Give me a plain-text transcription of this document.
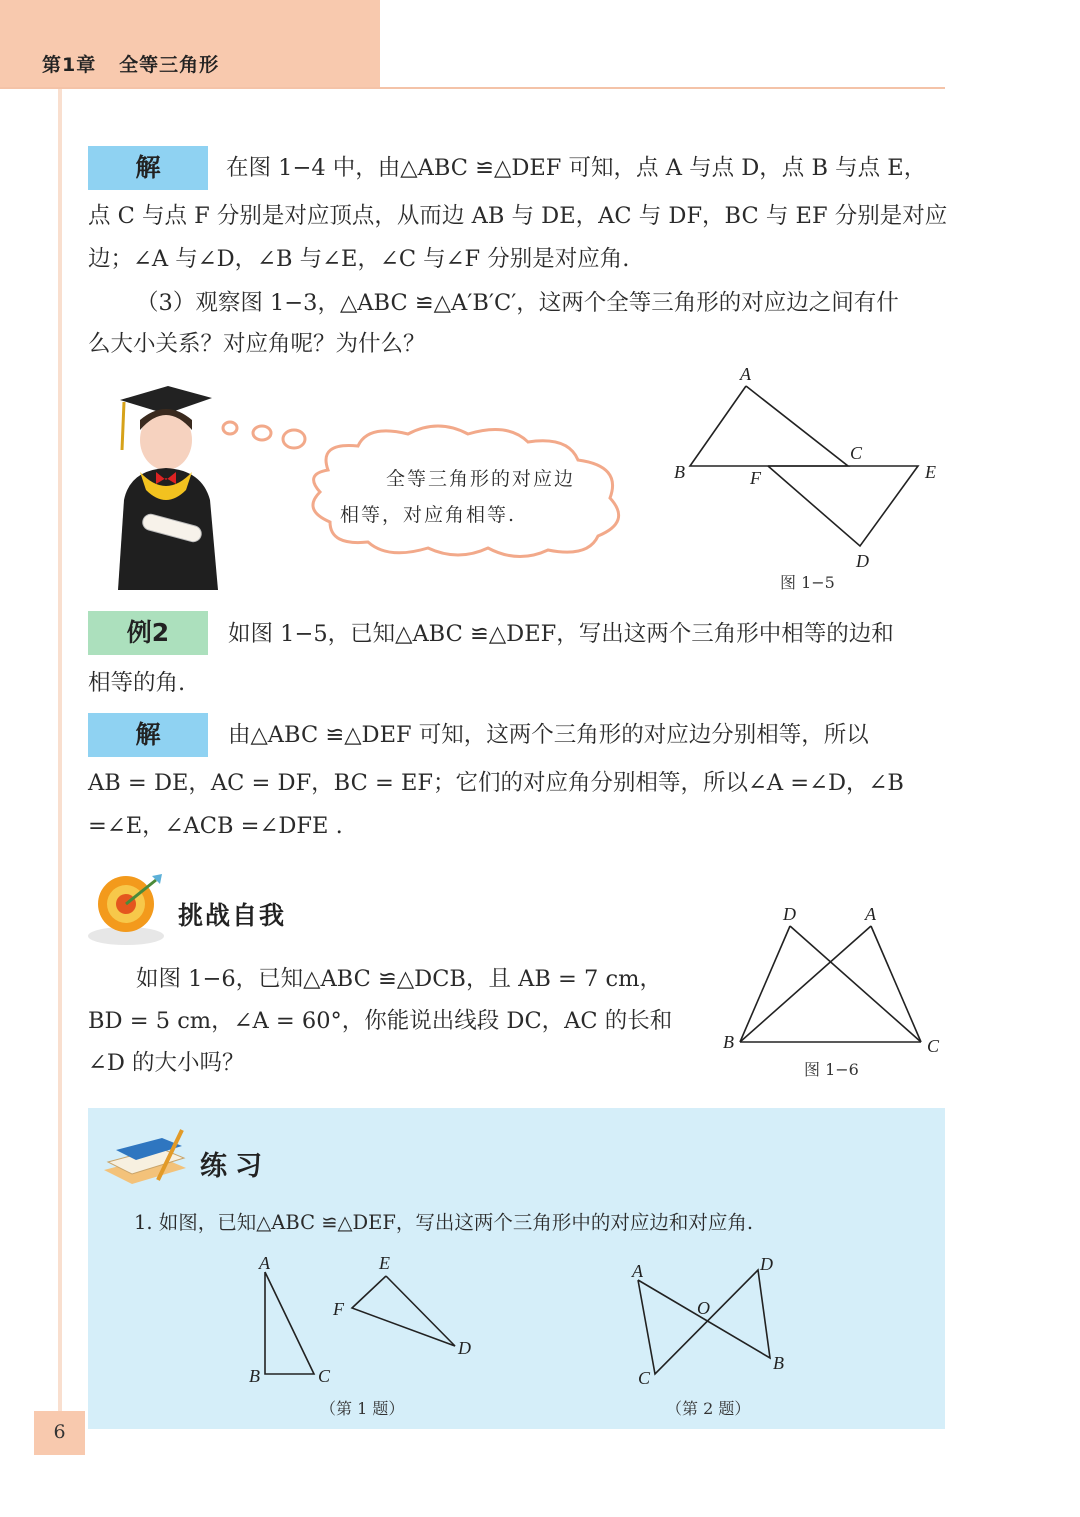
第1章 全等三角形
解	在图 1−4 中，由△ABC ≌△DEF 可知，点 A 与点 D，点 B 与点 E，
点 C 与点 F 分别是对应顶点，从而边 AB 与 DE，AC 与 DF，BC 与 EF 分别是对应
边；∠A 与∠D，∠B 与∠E，∠C 与∠F 分别是对应角.
（3）观察图 1−3，△ABC ≌△A′B′C′，这两个全等三角形的对应边之间有什
么大小关系？对应角呢？为什么？
全等三角形的对应边
相等，对应角相等.
A
B
C
F	E
D
图 1−5
例2	如图 1−5，已知△ABC ≌△DEF，写出这两个三角形中相等的边和
相等的角.
解	由△ABC ≌△DEF 可知，这两个三角形的对应边分别相等，所以
AB = DE，AC = DF，BC = EF；它们的对应角分别相等，所以∠A =∠D，∠B
=∠E，∠ACB =∠DFE .
挑战自我
如图 1−6，已知△ABC ≌△DCB，且 AB = 7 cm，
BD = 5 cm，∠A = 60°，你能说出线段 DC，AC 的长和
∠D 的大小吗？
D	A
B	C
图 1−6
练习
1. 如图，已知△ABC ≌△DEF，写出这两个三角形中的对应边和对应角.
A
B	C
E
F
D
（第 1 题）
A	D
O
C
B
（第 2 题）
6
